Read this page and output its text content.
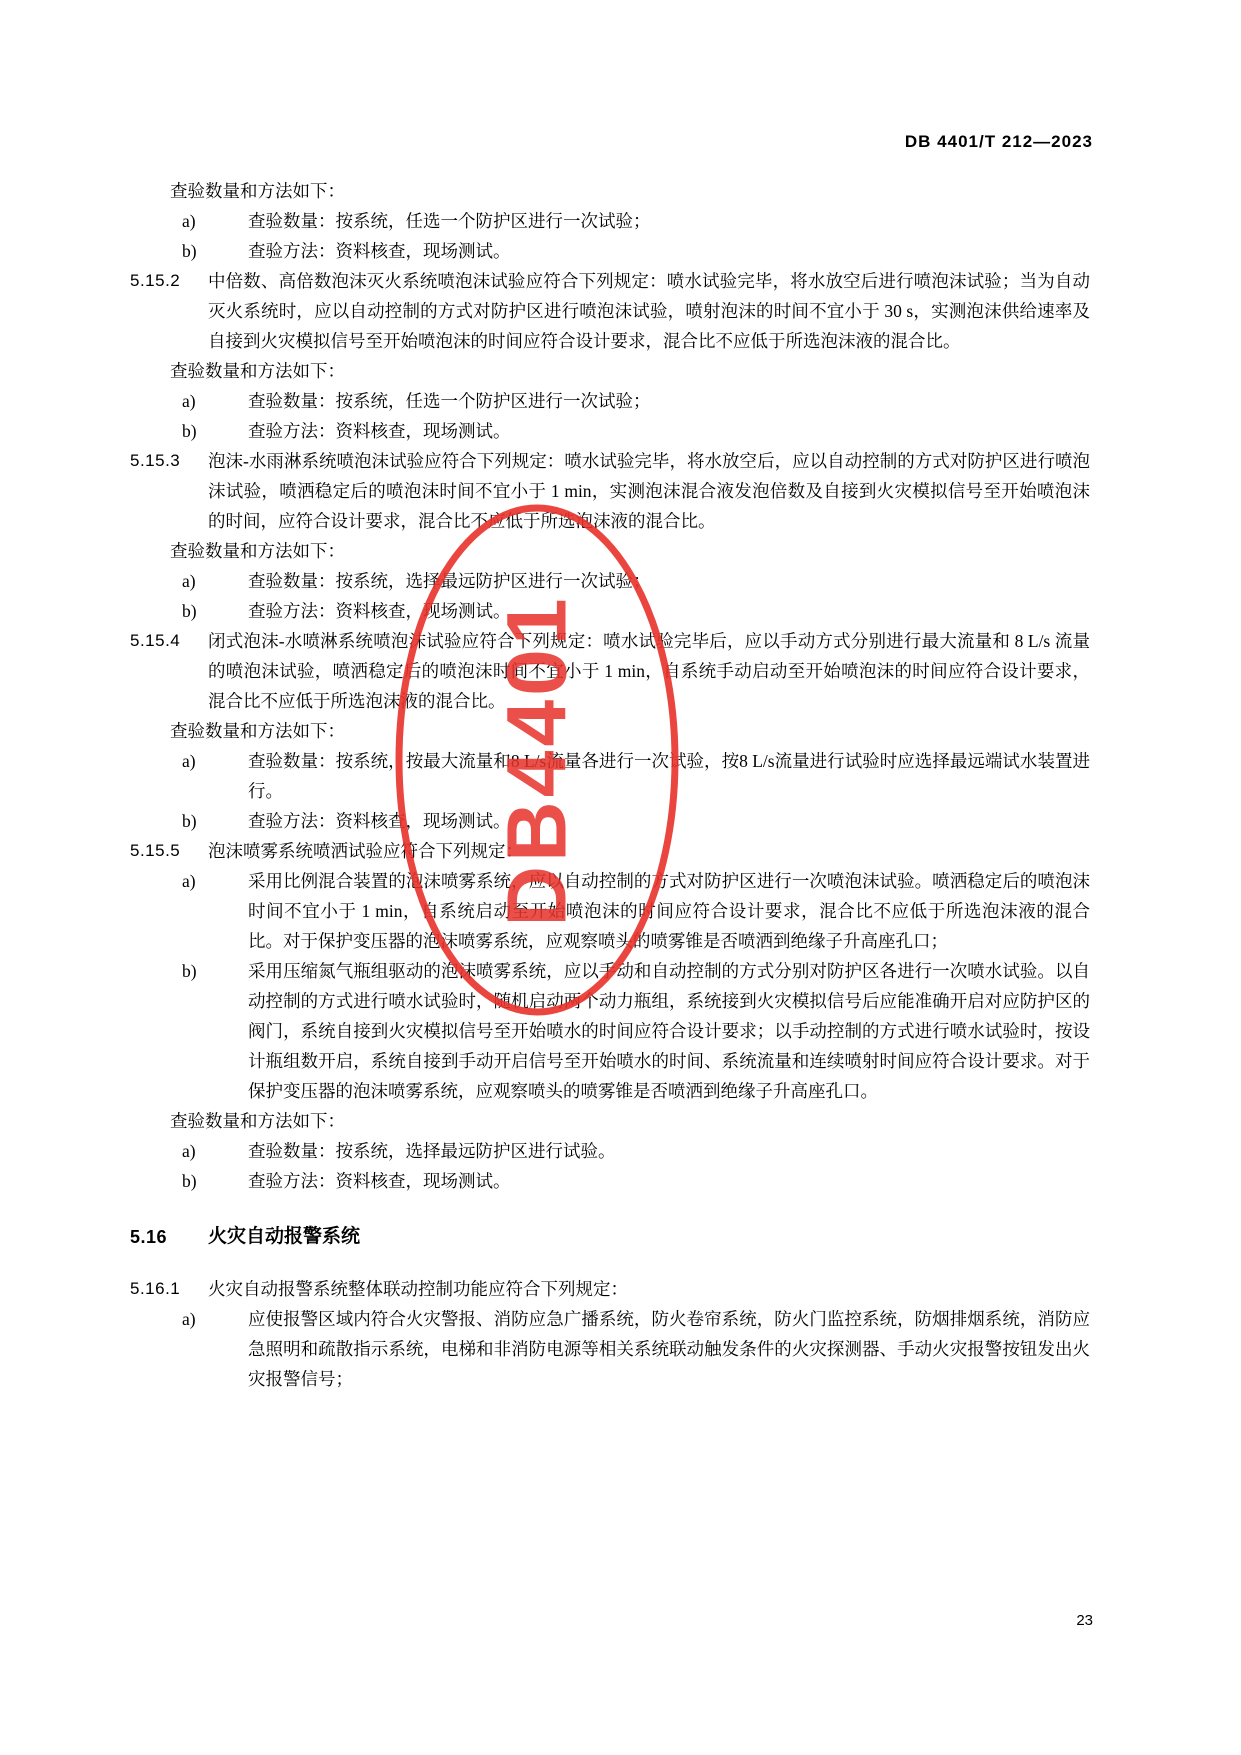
DB 4401/T 212—2023
DB4401
查验数量和方法如下：
a)	查验数量：按系统，任选一个防护区进行一次试验；
b)	查验方法：资料核查，现场测试。
5.15.2	中倍数、高倍数泡沫灭火系统喷泡沫试验应符合下列规定：喷水试验完毕，将水放空后进行喷泡沫试验；当为自动灭火系统时，应以自动控制的方式对防护区进行喷泡沫试验，喷射泡沫的时间不宜小于 30 s，实测泡沫供给速率及自接到火灾模拟信号至开始喷泡沫的时间应符合设计要求，混合比不应低于所选泡沫液的混合比。
查验数量和方法如下：
a)	查验数量：按系统，任选一个防护区进行一次试验；
b)	查验方法：资料核查，现场测试。
5.15.3	泡沫-水雨淋系统喷泡沫试验应符合下列规定：喷水试验完毕，将水放空后，应以自动控制的方式对防护区进行喷泡沫试验，喷洒稳定后的喷泡沫时间不宜小于 1 min，实测泡沫混合液发泡倍数及自接到火灾模拟信号至开始喷泡沫的时间，应符合设计要求，混合比不应低于所选泡沫液的混合比。
查验数量和方法如下：
a)	查验数量：按系统，选择最远防护区进行一次试验；
b)	查验方法：资料核查，现场测试。
5.15.4	闭式泡沫-水喷淋系统喷泡沫试验应符合下列规定：喷水试验完毕后，应以手动方式分别进行最大流量和 8 L/s 流量的喷泡沫试验，喷洒稳定后的喷泡沫时间不宜小于 1 min，自系统手动启动至开始喷泡沫的时间应符合设计要求，混合比不应低于所选泡沫液的混合比。
查验数量和方法如下：
a)	查验数量：按系统，按最大流量和8 L/s流量各进行一次试验，按8 L/s流量进行试验时应选择最远端试水装置进行。
b)	查验方法：资料核查，现场测试。
5.15.5	泡沫喷雾系统喷洒试验应符合下列规定：
a)	采用比例混合装置的泡沫喷雾系统，应以自动控制的方式对防护区进行一次喷泡沫试验。喷洒稳定后的喷泡沫时间不宜小于 1 min，自系统启动至开始喷泡沫的时间应符合设计要求，混合比不应低于所选泡沫液的混合比。对于保护变压器的泡沫喷雾系统，应观察喷头的喷雾锥是否喷洒到绝缘子升高座孔口；
b)	采用压缩氮气瓶组驱动的泡沫喷雾系统，应以手动和自动控制的方式分别对防护区各进行一次喷水试验。以自动控制的方式进行喷水试验时，随机启动两个动力瓶组，系统接到火灾模拟信号后应能准确开启对应防护区的阀门，系统自接到火灾模拟信号至开始喷水的时间应符合设计要求；以手动控制的方式进行喷水试验时，按设计瓶组数开启，系统自接到手动开启信号至开始喷水的时间、系统流量和连续喷射时间应符合设计要求。对于保护变压器的泡沫喷雾系统，应观察喷头的喷雾锥是否喷洒到绝缘子升高座孔口。
查验数量和方法如下：
a)	查验数量：按系统，选择最远防护区进行试验。
b)	查验方法：资料核查，现场测试。
5.16 火灾自动报警系统
5.16.1	火灾自动报警系统整体联动控制功能应符合下列规定：
a)	应使报警区域内符合火灾警报、消防应急广播系统，防火卷帘系统，防火门监控系统，防烟排烟系统，消防应急照明和疏散指示系统，电梯和非消防电源等相关系统联动触发条件的火灾探测器、手动火灾报警按钮发出火灾报警信号；
23
